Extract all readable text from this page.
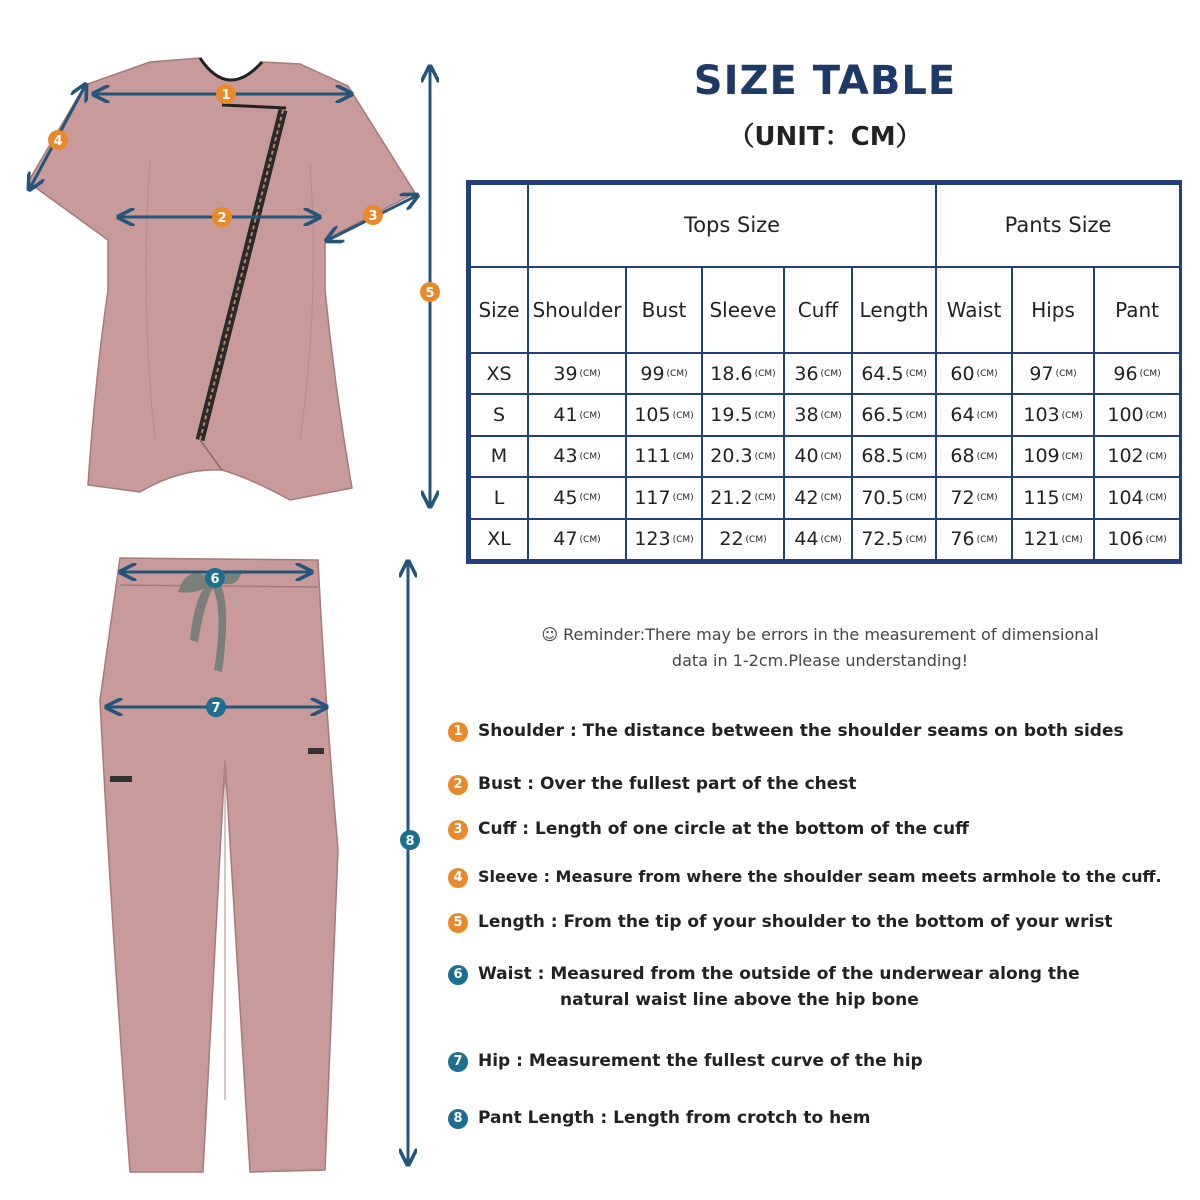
1
2	3
4
5
6
7
8
SIZE TABLE
（UNIT：CM）
	Tops Size					Pants Size		
Size	Shoulder	Bust	Sleeve	Cuff	Length	Waist	Hips	Pant
XS	39 (CM)	99 (CM)	18.6 (CM)	36 (CM)	64.5 (CM)	60 (CM)	97 (CM)	96 (CM)
S	41 (CM)	105 (CM)	19.5 (CM)	38 (CM)	66.5 (CM)	64 (CM)	103 (CM)	100 (CM)
M	43 (CM)	111 (CM)	20.3 (CM)	40 (CM)	68.5 (CM)	68 (CM)	109 (CM)	102 (CM)
L	45 (CM)	117 (CM)	21.2 (CM)	42 (CM)	70.5 (CM)	72 (CM)	115 (CM)	104 (CM)
XL	47 (CM)	123 (CM)	22 (CM)	44 (CM)	72.5 (CM)	76 (CM)	121 (CM)	106 (CM)
☺ Reminder:There may be errors in the measurement of dimensional
data in 1-2cm.Please understanding!
1 Shoulder : The distance between the shoulder seams on both sides
2 Bust : Over the fullest part of the chest
3 Cuff : Length of one circle at the bottom of the cuff
4 Sleeve : Measure from where the shoulder seam meets armhole to the cuff.
5 Length : From the tip of your shoulder to the bottom of your wrist
6 Waist : Measured from the outside of the underwear along the
natural waist line above the hip bone
7 Hip : Measurement the fullest curve of the hip
8 Pant Length : Length from crotch to hem
